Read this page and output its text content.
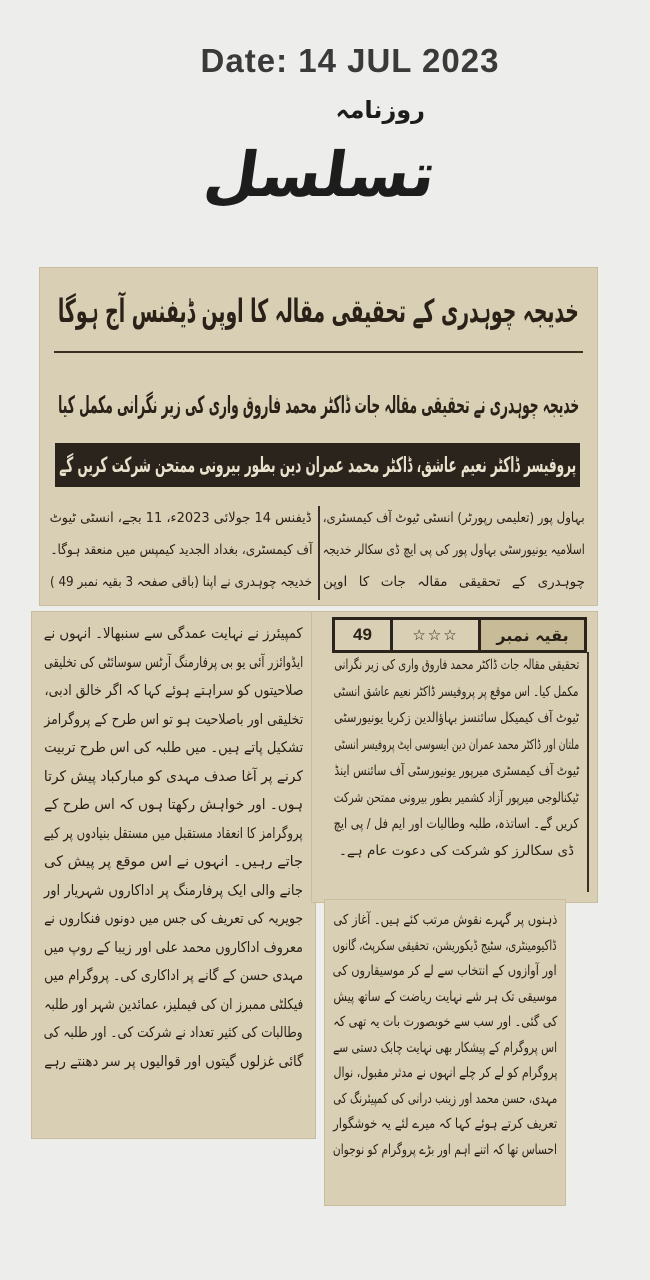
Date: 14 JUL 2023
روزنامہ
تسلسل
خدیجہ چوہدری کے تحقیقی مقالہ کا اوپن ڈیفنس آج ہوگا
خدیجہ چوہدری نے تحقیقی مقالہ جات ڈاکٹر محمد فاروق واری کی زیر نگرانی مکمل کیا
پروفیسر ڈاکٹر نعیم عاشق، ڈاکٹر محمد عمران دین بطور بیرونی ممتحن شرکت کریں گے
بہاول پور (تعلیمی رپورٹر) انسٹی ٹیوٹ آف کیمسٹری،
اسلامیہ یونیورسٹی بہاول پور کی پی ایچ ڈی سکالر خدیجہ
چوہدری کے تحقیقی مقالہ جات کا اوپن
ڈیفنس 14 جولائی 2023ء، 11 بجے، انسٹی ٹیوٹ
آف کیمسٹری، بغداد الجدید کیمپس میں منعقد ہوگا۔
خدیجہ چوہدری نے اپنا (باقی صفحہ 3 بقیہ نمبر 49 )
کمپیئرز نے نہایت عمدگی سے سنبھالا۔ انہوں نے
ایڈوائزر آئی یو بی پرفارمنگ آرٹس سوسائٹی کی تخلیقی
صلاحیتوں کو سراہتے ہوئے کہا کہ اگر خالق ادبی،
تخلیقی اور باصلاحیت ہو تو اس طرح کے پروگرامز
تشکیل پاتے ہیں۔ میں طلبہ کی اس طرح تربیت
کرنے پر آغا صدف مہدی کو مبارکباد پیش کرتا
ہوں۔ اور خواہش رکھتا ہوں کہ اس طرح کے
پروگرامز کا انعقاد مستقبل میں مستقل بنیادوں پر کیے
جاتے رہیں۔ انہوں نے اس موقع پر پیش کی
جانے والی ایک پرفارمنگ پر اداکاروں شہریار اور
جویریہ کی تعریف کی جس میں دونوں فنکاروں نے
معروف اداکاروں محمد علی اور زیبا کے روپ میں
مہدی حسن کے گانے پر اداکاری کی۔ پروگرام میں
فیکلٹی ممبرز ان کی فیملیز، عمائدین شہر اور طلبہ
وطالبات کی کثیر تعداد نے شرکت کی۔ اور طلبہ کی
گائی غزلوں گیتوں اور قوالیوں پر سر دھنتے رہے
49	☆☆☆	بقیہ نمبر
تحقیقی مقالہ جات ڈاکٹر محمد فاروق واری کی زیر نگرانی
مکمل کیا۔ اس موقع پر پروفیسر ڈاکٹر نعیم عاشق انسٹی
ٹیوٹ آف کیمیکل سائنسز بہاؤالدین زکریا یونیورسٹی
ملتان اور ڈاکٹر محمد عمران دین ایسوسی ایٹ پروفیسر انسٹی
ٹیوٹ آف کیمسٹری میرپور یونیورسٹی آف سائنس اینڈ
ٹیکنالوجی میرپور آزاد کشمیر بطور بیرونی ممتحن شرکت
کریں گے۔ اساتذہ، طلبہ وطالبات اور ایم فل / پی ایچ
ڈی سکالرز کو شرکت کی دعوت عام ہے۔
ذہنوں پر گہرے نقوش مرتب کئے ہیں۔ آغاز کی
ڈاکیومینٹری، سٹیج ڈیکوریشن، تحقیقی سکرپٹ، گانوں
اور آوازوں کے انتخاب سے لے کر موسیقاروں کی
موسیقی تک ہر شے نہایت ریاضت کے ساتھ پیش
کی گئی۔ اور سب سے خوبصورت بات یہ تھی کہ
اس پروگرام کے پیشکار بھی نہایت چابک دستی سے
پروگرام کو لے کر چلے انہوں نے مدثر مقبول، نوال
مہدی، حسن محمد اور زینب درانی کی کمپیئرنگ کی
تعریف کرتے ہوئے کہا کہ میرے لئے یہ خوشگوار
احساس تھا کہ اتنے اہم اور بڑے پروگرام کو نوجوان
